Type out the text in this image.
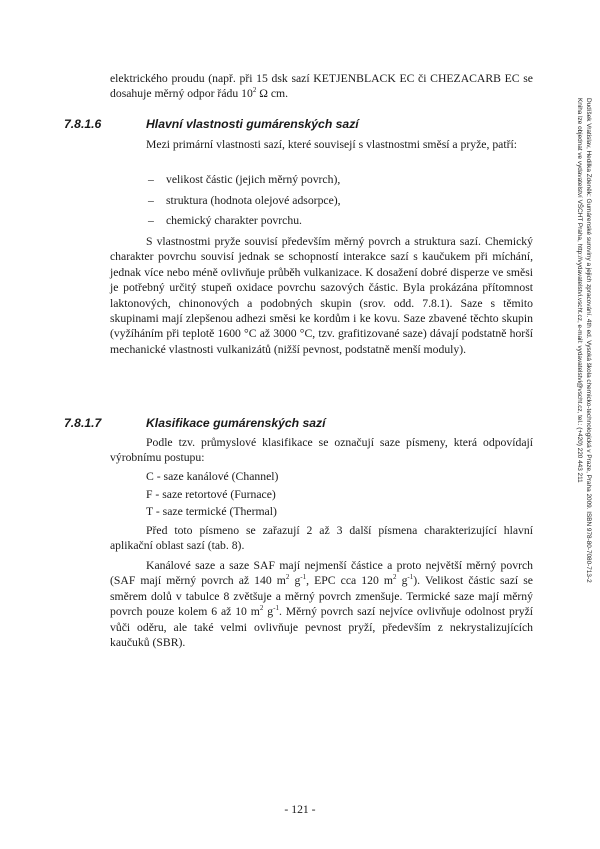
elektrického proudu (např. při 15 dsk sazí KETJENBLACK EC či CHEZACARB EC se dosahuje měrný odpor řádu $10^2$ Ω cm.

7.8.1.6	Hlavní vlastnosti gumárenských sazí

Mezi primární vlastnosti sazí, které souvisejí s vlastnostmi směsí a pryže, patří:

– velikost částic (jejich měrný povrch),
– struktura (hodnota olejové adsorpce),
– chemický charakter povrchu.

S vlastnostmi pryže souvisí především měrný povrch a struktura sazí. Chemický charakter povrchu souvisí jednak se schopností interakce sazí s kaučukem při míchání, jednak více nebo méně ovlivňuje průběh vulkanizace. K dosažení dobré disperze ve směsi je potřebný určitý stupeň oxidace povrchu sazových částic. Byla prokázána přítomnost laktonových, chinonových a podobných skupin (srov. odd. 7.8.1). Saze s těmito skupinami mají zlepšenou adhezi směsi ke kordům i ke kovu. Saze zbavené těchto skupin (vyžíháním při teplotě 1600 °C až 3000 °C, tzv. grafitizované saze) dávají podstatně horší mechanické vlastnosti vulkanizátů (nižší pevnost, podstatně menší moduly).

7.8.1.7	Klasifikace gumárenských sazí

Podle tzv. průmyslové klasifikace se označují saze písmeny, která odpovídají výrobnímu postupu:

C - saze kanálové (Channel)
F - saze retortové (Furnace)
T - saze termické (Thermal)

Před toto písmeno se zařazují 2 až 3 další písmena charakterizující hlavní aplikační oblast sazí (tab. 8).

Kanálové saze a saze SAF mají nejmenší částice a proto největší měrný povrch (SAF mají měrný povrch až 140 $m^2$ $g^{-1}$, EPC cca 120 $m^2$ $g^{-1}$). Velikost částic sazí se směrem dolů v tabulce 8 zvětšuje a měrný povrch zmenšuje. Termické saze mají měrný povrch pouze kolem 6 až 10 $m^2$ $g^{-1}$. Měrný povrch sazí nejvíce ovlivňuje odolnost pryží vůči oděru, ale také velmi ovlivňuje pevnost pryží, především z nekrystalizujících kaučuků (SBR).

- 121 -
Dudíšek Vratislav, Hedilka Zdeněk: Gumárenské suroviny a jejich zpracování. 4th ed. Vysoká škola chemicko-technologická v Praze, Praha 2009. ISBN 978-80-7080-713-2
Kniha lze objednat ve vydavatelství VŠCHT Praha, http://vydavatelstvi.vscht.cz, e-mail: vydavatelstvi@vscht.cz, tel.: (+420) 220 443 211
